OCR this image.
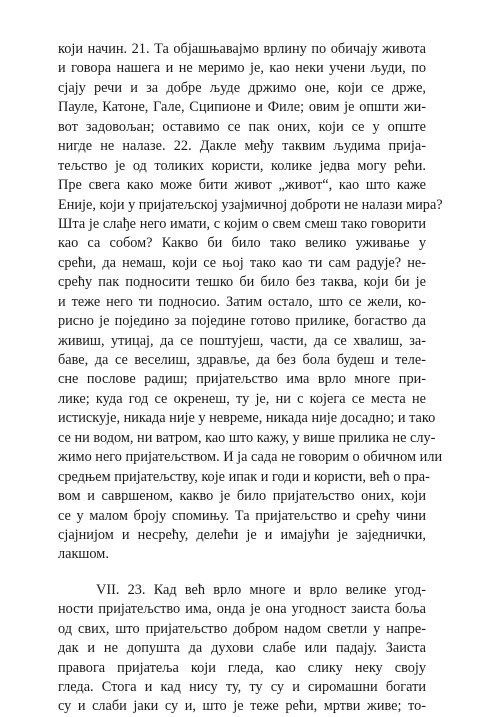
који начин. 21. Та објашњавајмо врлину по обичају живота
и говора нашега и не меримо је, као неки учени људи, по
сјају речи и за добре људе држимо оне, који се држе,
Пауле, Катоне, Гале, Сципионе и Филе; овим је општи жи-
вот задовољан; оставимо се пак оних, који се у опште
нигде не налазе. 22. Дакле међу таквим људима прија-
тељство је од толиких користи, колике једва могу рећи.
Пре свега како може бити живот „живот“, као што каже
Еније, који у пријатељској узајмичној доброти не налази мира?
Шта је слађе него имати, с којим о свем смеш тако говорити
као са собом? Какво би било тако велико уживање у
срећи, да немаш, који се њој тако као ти сам радује? не-
срећу пак подносити тешко би било без таква, који би је
и теже него ти подносио. Затим остало, што се жели, ко-
рисно је поједино за поједине готово прилике, богаство да
живиш, утицај, да се поштујеш, части, да се хвалиш, за-
баве, да се веселиш, здравље, да без бола будеш и теле-
сне послове радиш; пријатељство има врло многе при-
лике; куда год се окренеш, ту је, ни с којега се места не
истискује, никада није у невреме, никада није досадно; и тако
се ни водом, ни ватром, као што кажу, у више прилика не слу-
жимо него пријатељством. И ја сада не говорим о обичном или
средњем пријатељству, које ипак и годи и користи, већ о пра-
вом и савршеном, какво је било пријатељство оних, који
се у малом броју спомињу. Та пријатељство и срећу чини
сјајнијом и несрећу, делећи је и имајући је заједнички,
лакшом.
VII. 23. Кад већ врло многе и врло велике угод-
ности пријатељство има, онда је она угодност заиста боља
од свих, што пријатељство добром надом светли у напре-
дак и не допушта да духови слабе или падају. Заиста
правога пријатеља који гледа, као слику неку своју
гледа. Стога и кад нису ту, ту су и сиромашни богати
су и слаби јаки су и, што је теже рећи, мртви живе; то-
